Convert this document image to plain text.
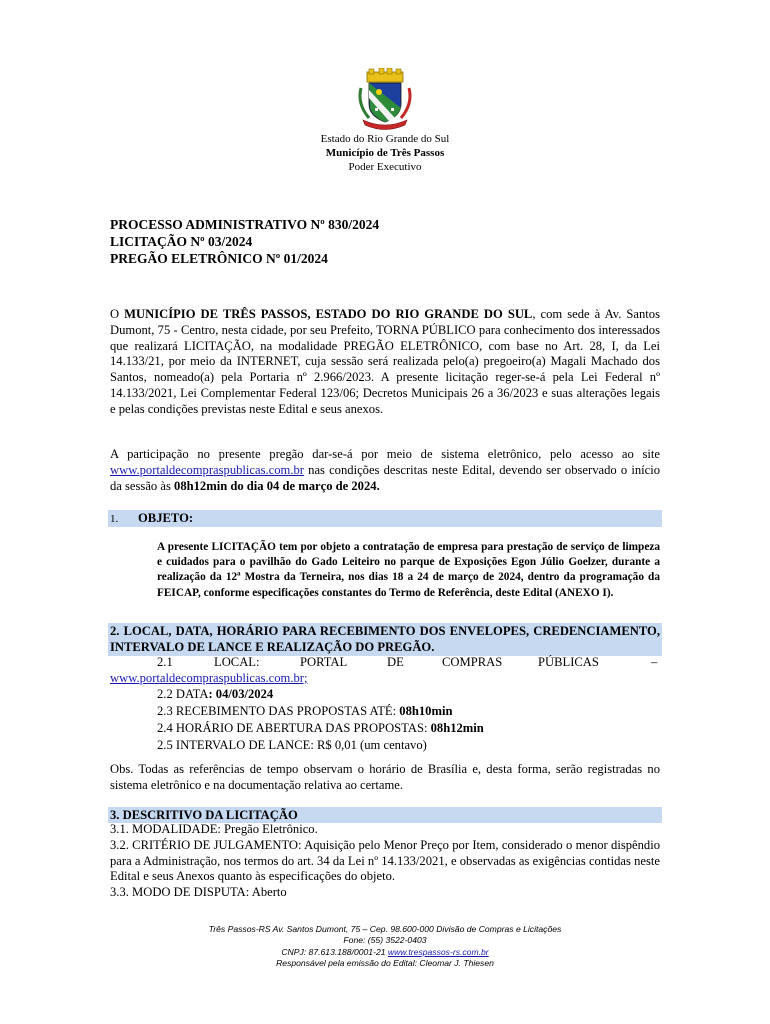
Estado do Rio Grande do Sul
Município de Três Passos
Poder Executivo
PROCESSO ADMINISTRATIVO Nº 830/2024
LICITAÇÃO Nº 03/2024
PREGÃO ELETRÔNICO Nº 01/2024
O MUNICÍPIO DE TRÊS PASSOS, ESTADO DO RIO GRANDE DO SUL, com sede à Av. Santos Dumont, 75 - Centro, nesta cidade, por seu Prefeito, TORNA PÚBLICO para conhecimento dos interessados que realizará LICITAÇÃO, na modalidade PREGÃO ELETRÔNICO, com base no Art. 28, I, da Lei 14.133/21, por meio da INTERNET, cuja sessão será realizada pelo(a) pregoeiro(a) Magali Machado dos Santos, nomeado(a) pela Portaria nº 2.966/2023. A presente licitação reger-se-á pela Lei Federal nº 14.133/2021, Lei Complementar Federal 123/06; Decretos Municipais 26 a 36/2023 e suas alterações legais e pelas condições previstas neste Edital e seus anexos.
A participação no presente pregão dar-se-á por meio de sistema eletrônico, pelo acesso ao site www.portaldecompraspublicas.com.br nas condições descritas neste Edital, devendo ser observado o início da sessão às 08h12min do dia 04 de março de 2024.
1. OBJETO:
A presente LICITAÇÃO tem por objeto a contratação de empresa para prestação de serviço de limpeza e cuidados para o pavilhão do Gado Leiteiro no parque de Exposições Egon Júlio Goelzer, durante a realização da 12ª Mostra da Terneira, nos dias 18 a 24 de março de 2024, dentro da programação da FEICAP, conforme especificações constantes do Termo de Referência, deste Edital (ANEXO I).
2. LOCAL, DATA, HORÁRIO PARA RECEBIMENTO DOS ENVELOPES, CREDENCIAMENTO, INTERVALO DE LANCE E REALIZAÇÃO DO PREGÃO.
2.1	LOCAL:	PORTAL	DE	COMPRAS	PÚBLICAS	–
www.portaldecompraspublicas.com.br;
2.2 DATA: 04/03/2024
2.3 RECEBIMENTO DAS PROPOSTAS ATÉ: 08h10min
2.4 HORÁRIO DE ABERTURA DAS PROPOSTAS: 08h12min
2.5 INTERVALO DE LANCE: R$ 0,01 (um centavo)
Obs. Todas as referências de tempo observam o horário de Brasília e, desta forma, serão registradas no sistema eletrônico e na documentação relativa ao certame.
3. DESCRITIVO DA LICITAÇÃO
3.1. MODALIDADE: Pregão Eletrônico.
3.2. CRITÉRIO DE JULGAMENTO: Aquisição pelo Menor Preço por Item, considerado o menor dispêndio para a Administração, nos termos do art. 34 da Lei nº 14.133/2021, e observadas as exigências contidas neste Edital e seus Anexos quanto às especificações do objeto.
3.3. MODO DE DISPUTA: Aberto
Três Passos-RS Av. Santos Dumont, 75 – Cep. 98.600-000 Divisão de Compras e Licitações
Fone: (55) 3522-0403
CNPJ: 87.613.188/0001-21 www.trespassos-rs.com.br
Responsável pela emissão do Edital: Cleomar J. Thiesen
